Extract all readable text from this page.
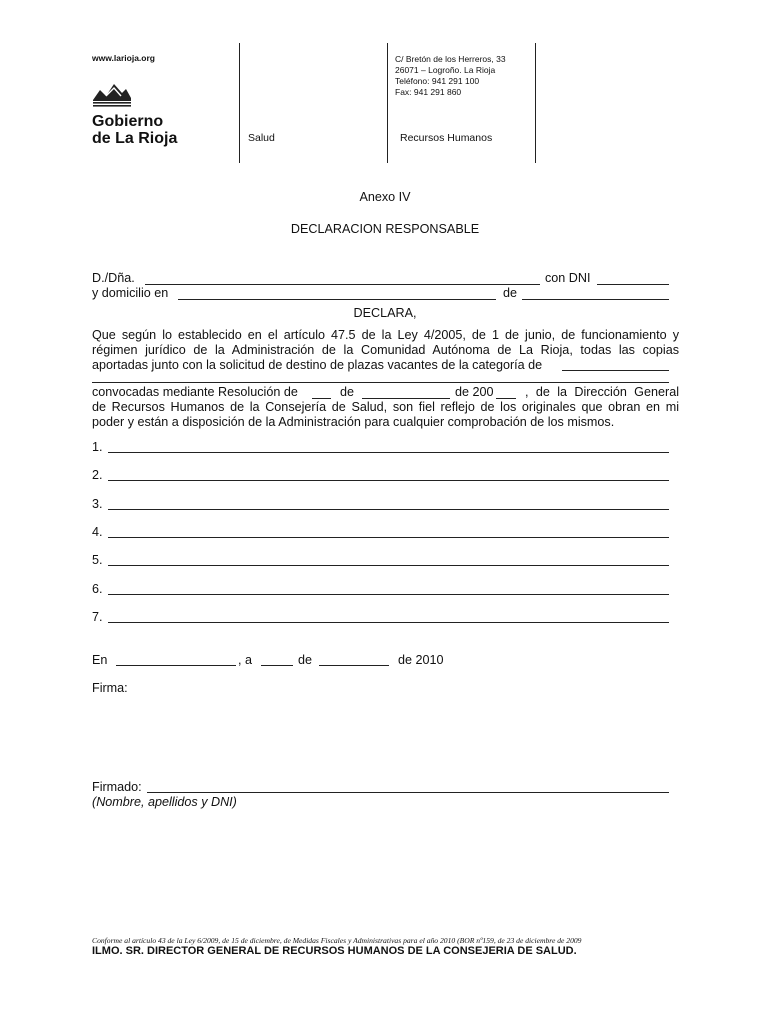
www.larioja.org
Gobierno
de La Rioja	Salud
C/ Bretón de los Herreros, 33
26071 – Logroño. La Rioja
Teléfono: 941 291 100
Fax: 941 291 860
Recursos Humanos
Anexo IV
DECLARACION RESPONSABLE
D./Dña.	con DNI
y domicilio en	de
DECLARA,
Que según lo establecido en el artículo 47.5 de la Ley 4/2005, de 1 de junio, de funcionamiento y
régimen jurídico de la Administración de la Comunidad Autónoma de La Rioja, todas las copias
aportadas junto con la solicitud de destino de plazas vacantes de la categoría de
convocadas mediante Resolución de	de	de 200 , de la Dirección General
de Recursos Humanos de la Consejería de Salud, son fiel reflejo de los originales que obran en mi
poder y están a disposición de la Administración para cualquier comprobación de los mismos.
1.
2.
3.
4.
5.
6.
7.
En	, a	de	de 2010
Firma:
Firmado:
(Nombre, apellidos y DNI)
Conforme al artículo 43 de la Ley 6/2009, de 15 de diciembre, de Medidas Fiscales y Administrativas para el año 2010 (BOR nº159, de 23 de diciembre de 2009
ILMO. SR. DIRECTOR GENERAL DE RECURSOS HUMANOS DE LA CONSEJERIA DE SALUD.
